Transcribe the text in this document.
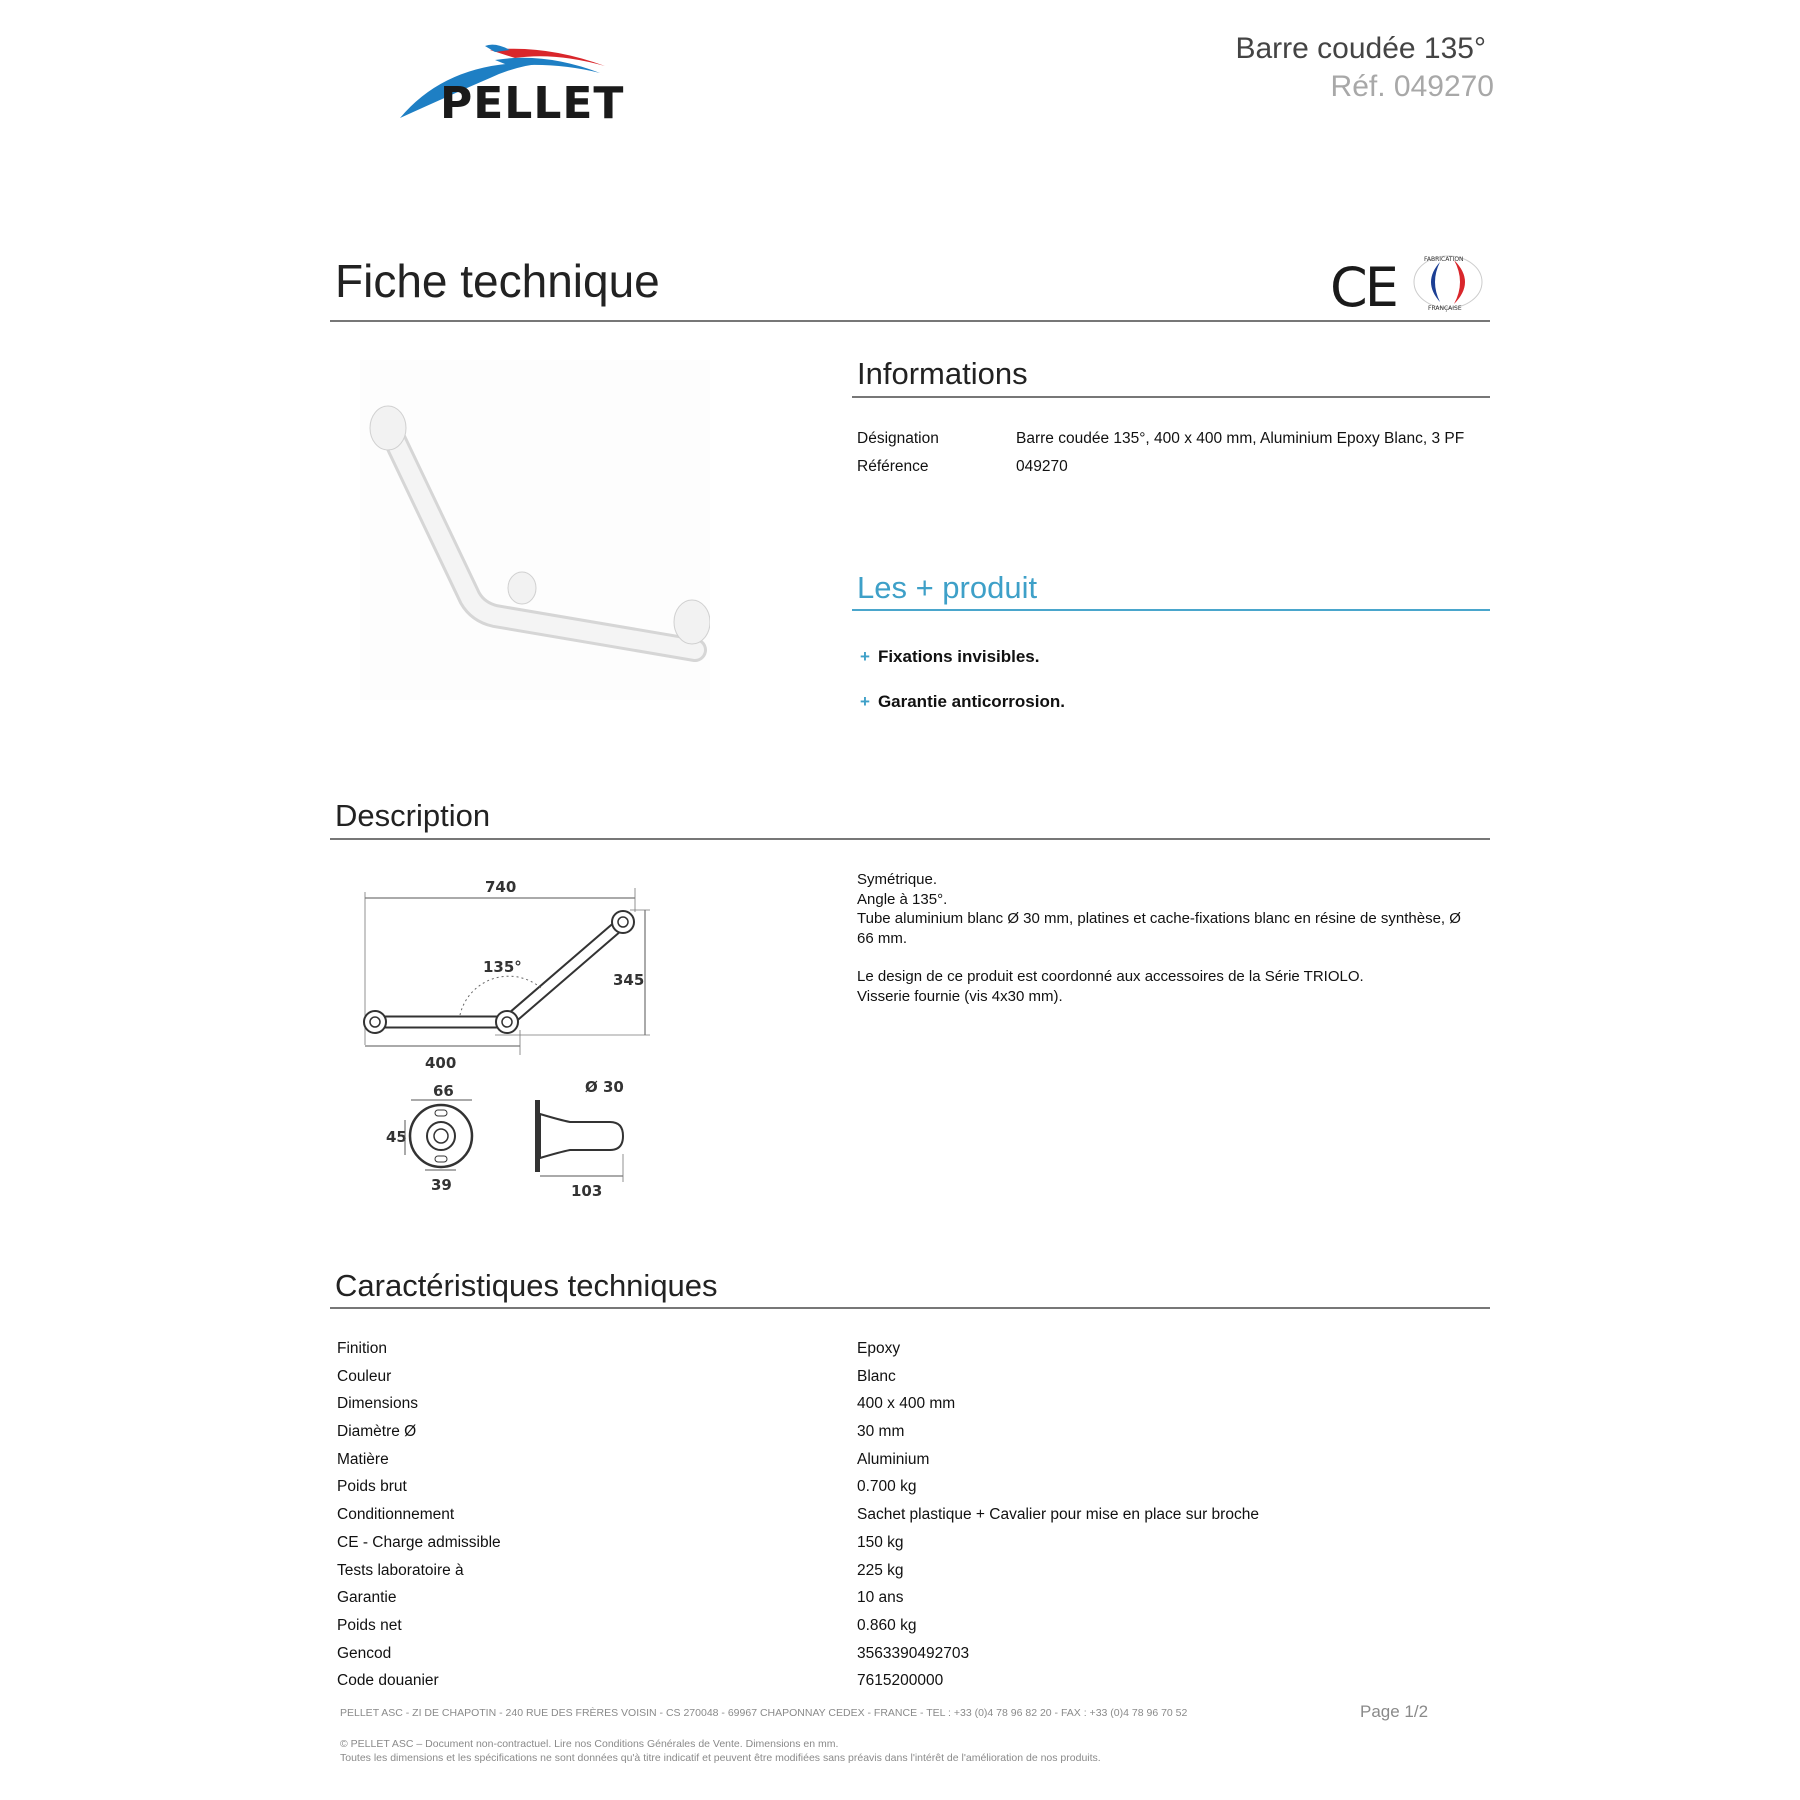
PELLET
Barre coudée 135°
Réf. 049270
Fiche technique	CE	FABRICATION
FRANÇAISE
Informations
Désignation	Barre coudée 135°, 400 x 400 mm, Aluminium Epoxy Blanc, 3 PF
Référence	049270
Les + produit
+ Fixations invisibles.
+ Garantie anticorrosion.
Description
740
345
135°
400
66
45
39
Ø 30
103

Symétrique.

Angle à 135°.

Tube aluminium blanc Ø 30 mm, platines et cache-fixations blanc en résine de synthèse, Ø 66 mm.

Le design de ce produit est coordonné aux accessoires de la Série TRIOLO.

Visserie fournie (vis 4x30 mm).

Caractéristiques techniques
Finition	Epoxy
Couleur	Blanc
Dimensions	400 x 400 mm
Diamètre Ø	30 mm
Matière	Aluminium
Poids brut	0.700 kg
Conditionnement	Sachet plastique + Cavalier pour mise en place sur broche
CE - Charge admissible	150 kg
Tests laboratoire à	225 kg
Garantie	10 ans
Poids net	0.860 kg
Gencod	3563390492703
Code douanier	7615200000
PELLET ASC - ZI DE CHAPOTIN - 240 RUE DES FRÈRES VOISIN - CS 270048 - 69967 CHAPONNAY CEDEX - FRANCE - TEL : +33 (0)4 78 96 82 20 - FAX : +33 (0)4 78 96 70 52	Page 1/2
© PELLET ASC – Document non-contractuel. Lire nos Conditions Générales de Vente. Dimensions en mm.
Toutes les dimensions et les spécifications ne sont données qu'à titre indicatif et peuvent être modifiées sans préavis dans l'intérêt de l'amélioration de nos produits.
